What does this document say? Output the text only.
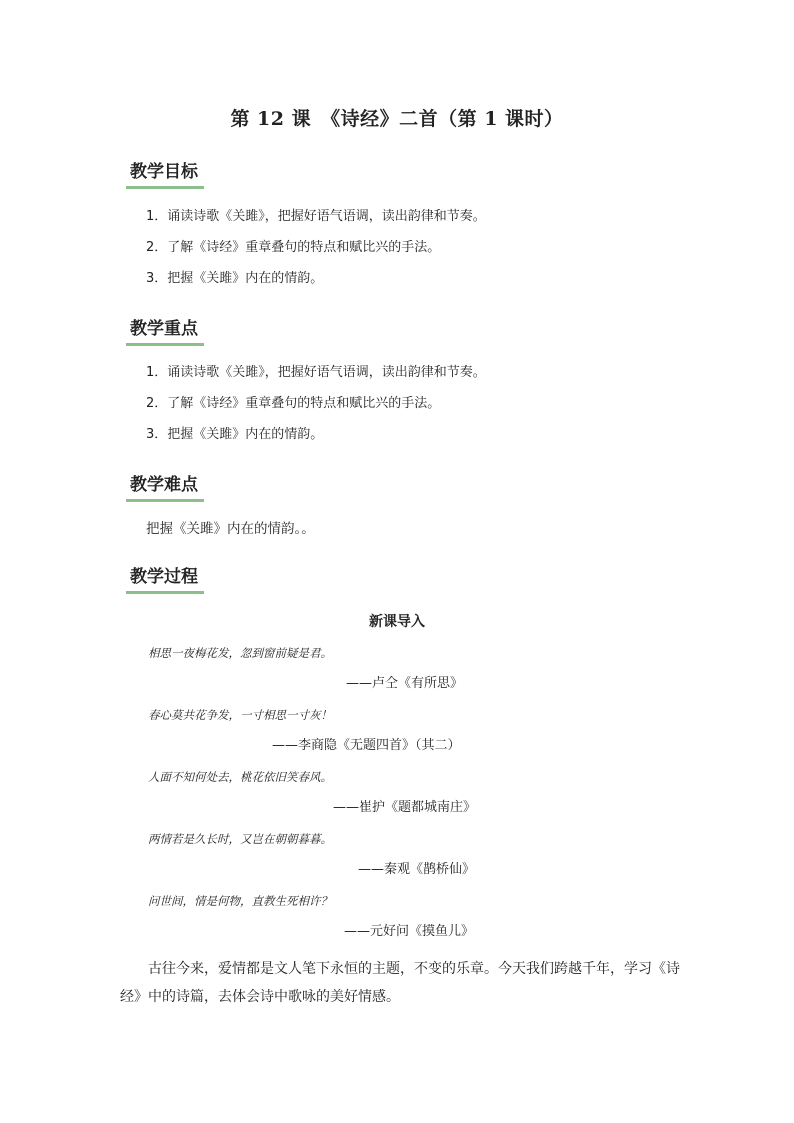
第 12 课　《诗经》二首（第 1 课时）
教学目标
1．诵读诗歌《关雎》，把握好语气语调，读出韵律和节奏。
2．了解《诗经》重章叠句的特点和赋比兴的手法。
3．把握《关雎》内在的情韵。
教学重点
1．诵读诗歌《关雎》，把握好语气语调，读出韵律和节奏。
2．了解《诗经》重章叠句的特点和赋比兴的手法。
3．把握《关雎》内在的情韵。
教学难点
把握《关雎》内在的情韵。。
教学过程
新课导入
相思一夜梅花发，忽到窗前疑是君。
——卢仝《有所思》
春心莫共花争发，一寸相思一寸灰！
——李商隐《无题四首》（其二）
人面不知何处去，桃花依旧笑春风。
——崔护《题都城南庄》
两情若是久长时，又岂在朝朝暮暮。
——秦观《鹊桥仙》
问世间，情是何物，直教生死相许？
——元好问《摸鱼儿》
古往今来，爱情都是文人笔下永恒的主题，不变的乐章。今天我们跨越千年，学习《诗经》中的诗篇，去体会诗中歌咏的美好情感。
